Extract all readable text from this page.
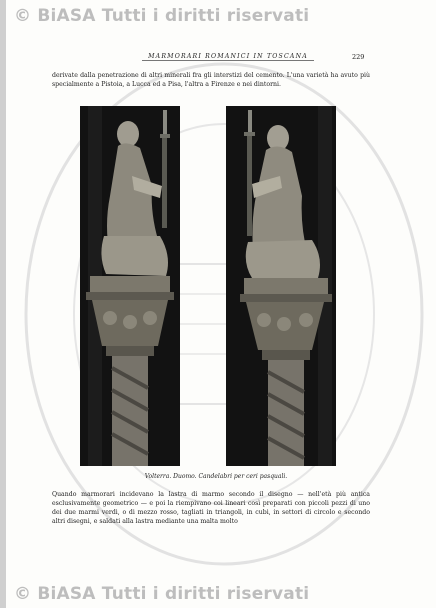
© BiASA Tutti i diritti riservati
MARMORARI ROMANICI IN TOSCANA	229
derivate dalla penetrazione di altri minerali fra gli interstizi del cemento. L'una varietà ha avuto più specialmente a Pistoia, a Lucca ed a Pisa, l'altra a Firenze e nei dintorni.
Volterra. Duomo. Candelabri per ceri pasquali.
Quando marmorari incidevano la lastra di marmo secondo il disegno — nell'età più antica esclusivamente geometrico — e poi la riempivano coi lineari così preparati con piccoli pezzi di uno dei due marmi verdi, o di mezzo rosso, tagliati in triangoli, in cubi, in settori di circolo e secondo altri disegni, e saldati alla lastra mediante una malta molto
© BiASA Tutti i diritti riservati
